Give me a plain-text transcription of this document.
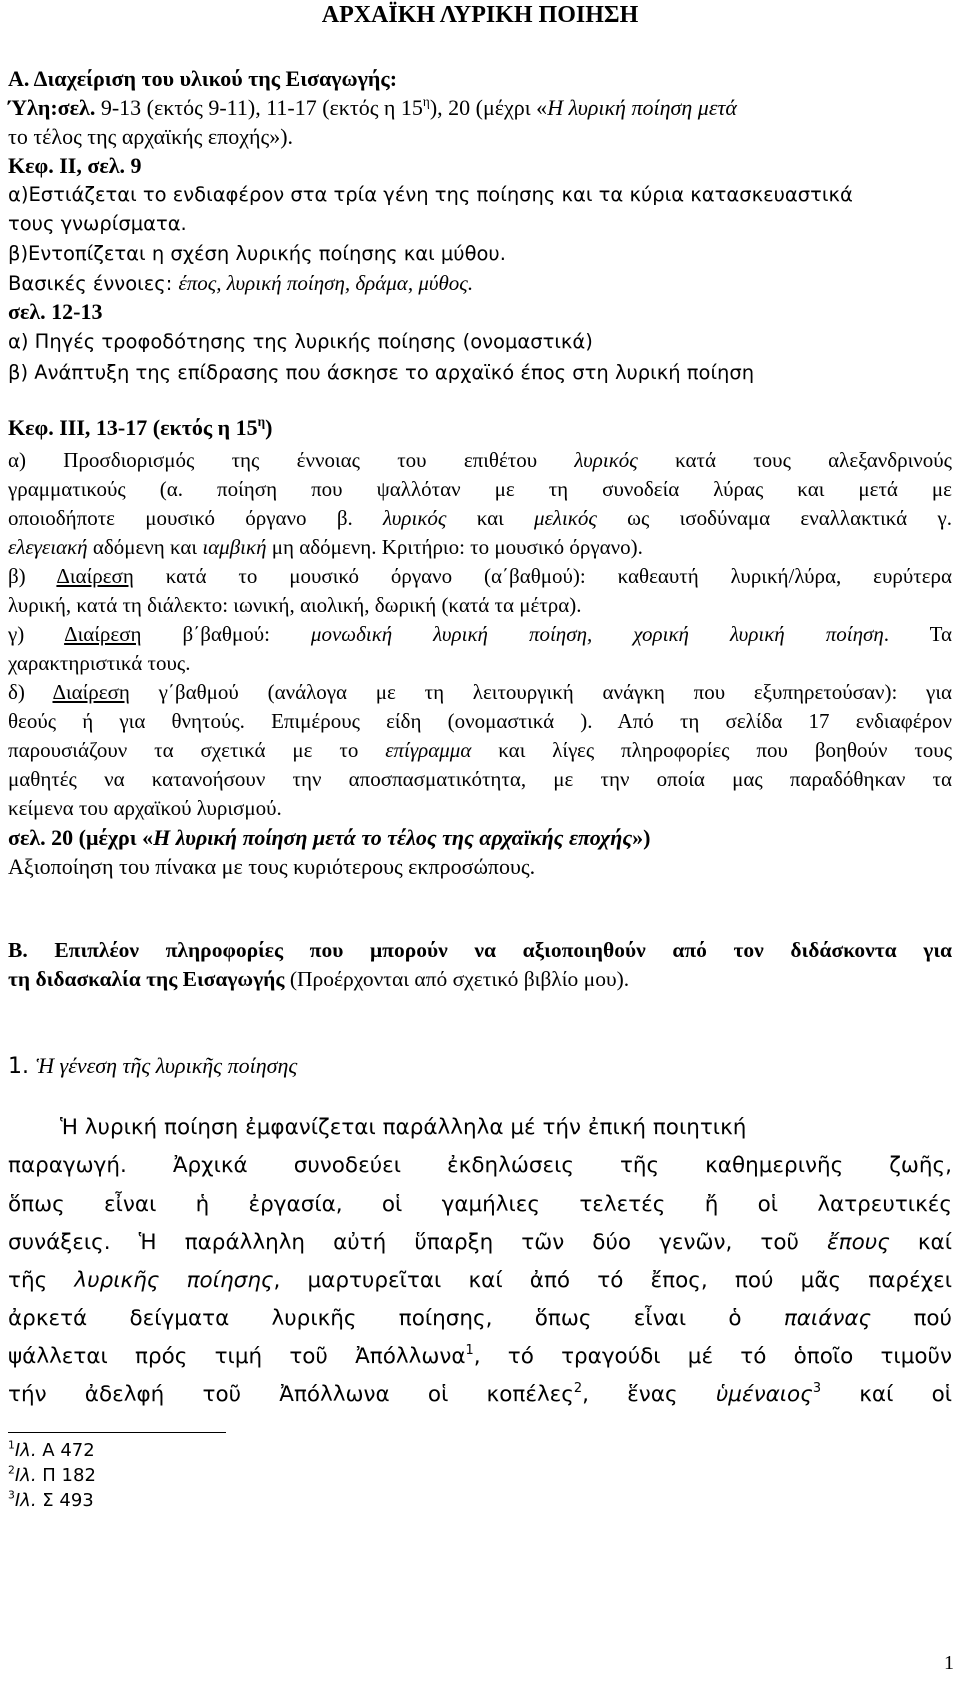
ΑΡΧΑΪΚΗ ΛΥΡΙΚΗ ΠΟΙΗΣΗ
Α. Διαχείριση του υλικού της Εισαγωγής:
Ύλη:σελ. 9-13 (εκτός 9-11), 11-17 (εκτός η $15^\eta$), 20 (μέχρι «Η λυρική ποίηση μετά
το τέλος της αρχαϊκής εποχής»).
Κεφ. ΙΙ, σελ. 9
α)Εστιάζεται το ενδιαφέρον στα τρία γένη της ποίησης και τα κύρια κατασκευαστικά
τους γνωρίσματα.
β)Εντοπίζεται η σχέση λυρικής ποίησης και μύθου.
Βασικές έννοιες: έπος, λυρική ποίηση, δράμα, μύθος.
σελ. 12-13
α) Πηγές τροφοδότησης της λυρικής ποίησης (ονομαστικά)
β) Ανάπτυξη της επίδρασης που άσκησε το αρχαϊκό έπος στη λυρική ποίηση
Κεφ. ΙΙΙ, 13-17 (εκτός η $15^\eta$)
α) Προσδιορισμός της έννοιας του επιθέτου λυρικός κατά τους αλεξανδρινούς
γραμματικούς (α. ποίηση που ψαλλόταν με τη συνοδεία λύρας και μετά με
οποιοδήποτε μουσικό όργανο β. λυρικός και μελικός ως ισοδύναμα εναλλακτικά γ.
ελεγειακή αδόμενη και ιαμβική μη αδόμενη. Κριτήριο: το μουσικό όργανο).
β) Διαίρεση κατά το μουσικό όργανο (α΄βαθμού): καθεαυτή λυρική/λύρα, ευρύτερα
λυρική, κατά τη διάλεκτο: ιωνική, αιολική, δωρική (κατά τα μέτρα).
γ) Διαίρεση β΄βαθμού: μονωδική λυρική ποίηση, χορική λυρική ποίηση. Τα
χαρακτηριστικά τους.
δ) Διαίρεση γ΄βαθμού (ανάλογα με τη λειτουργική ανάγκη που εξυπηρετούσαν): για
θεούς ή για θνητούς. Επιμέρους είδη (ονομαστικά ). Από τη σελίδα 17 ενδιαφέρον
παρουσιάζουν τα σχετικά με το επίγραμμα και λίγες πληροφορίες που βοηθούν τους
μαθητές να κατανοήσουν την αποσπασματικότητα, με την οποία μας παραδόθηκαν τα
κείμενα του αρχαϊκού λυρισμού.
σελ. 20 (μέχρι «Η λυρική ποίηση μετά το τέλος της αρχαϊκής εποχής»)
Αξιοποίηση του πίνακα με τους κυριότερους εκπροσώπους.
Β. Επιπλέον πληροφορίες που μπορούν να αξιοποιηθούν από τον διδάσκοντα για
τη διδασκαλία της Εισαγωγής (Προέρχονται από σχετικό βιβλίο μου).
1. Ἡ γένεση τῆς λυρικῆς ποίησης
Ἡ λυρική ποίηση ἐμφανίζεται παράλληλα μέ τήν ἐπική ποιητική
παραγωγή. Ἀρχικά συνοδεύει ἐκδηλώσεις τῆς καθημερινῆς ζωῆς,
ὅπως εἶναι ἡ ἐργασία, οἱ γαμήλιες τελετές ἤ οἱ λατρευτικές
συνάξεις. Ἡ παράλληλη αὐτή ὕπαρξη τῶν δύο γενῶν, τοῦ ἔπους καί
τῆς λυρικῆς ποίησης, μαρτυρεῖται καί ἀπό τό ἔπος, πού μᾶς παρέχει
ἀρκετά δείγματα λυρικῆς ποίησης, ὅπως εἶναι ὁ παιάνας πού
ψάλλεται πρός τιμή τοῦ Ἀπόλλωνα$^1$, τό τραγούδι μέ τό ὁποῖο τιμοῦν
τήν ἀδελφή τοῦ Ἀπόλλωνα οἱ κοπέλες$^2$, ἕνας ὑμέναιος$^3$ καί οἱ
$^1$Ιλ. Α 472
$^2$Ιλ. Π 182
$^3$Ιλ. Σ 493
1
